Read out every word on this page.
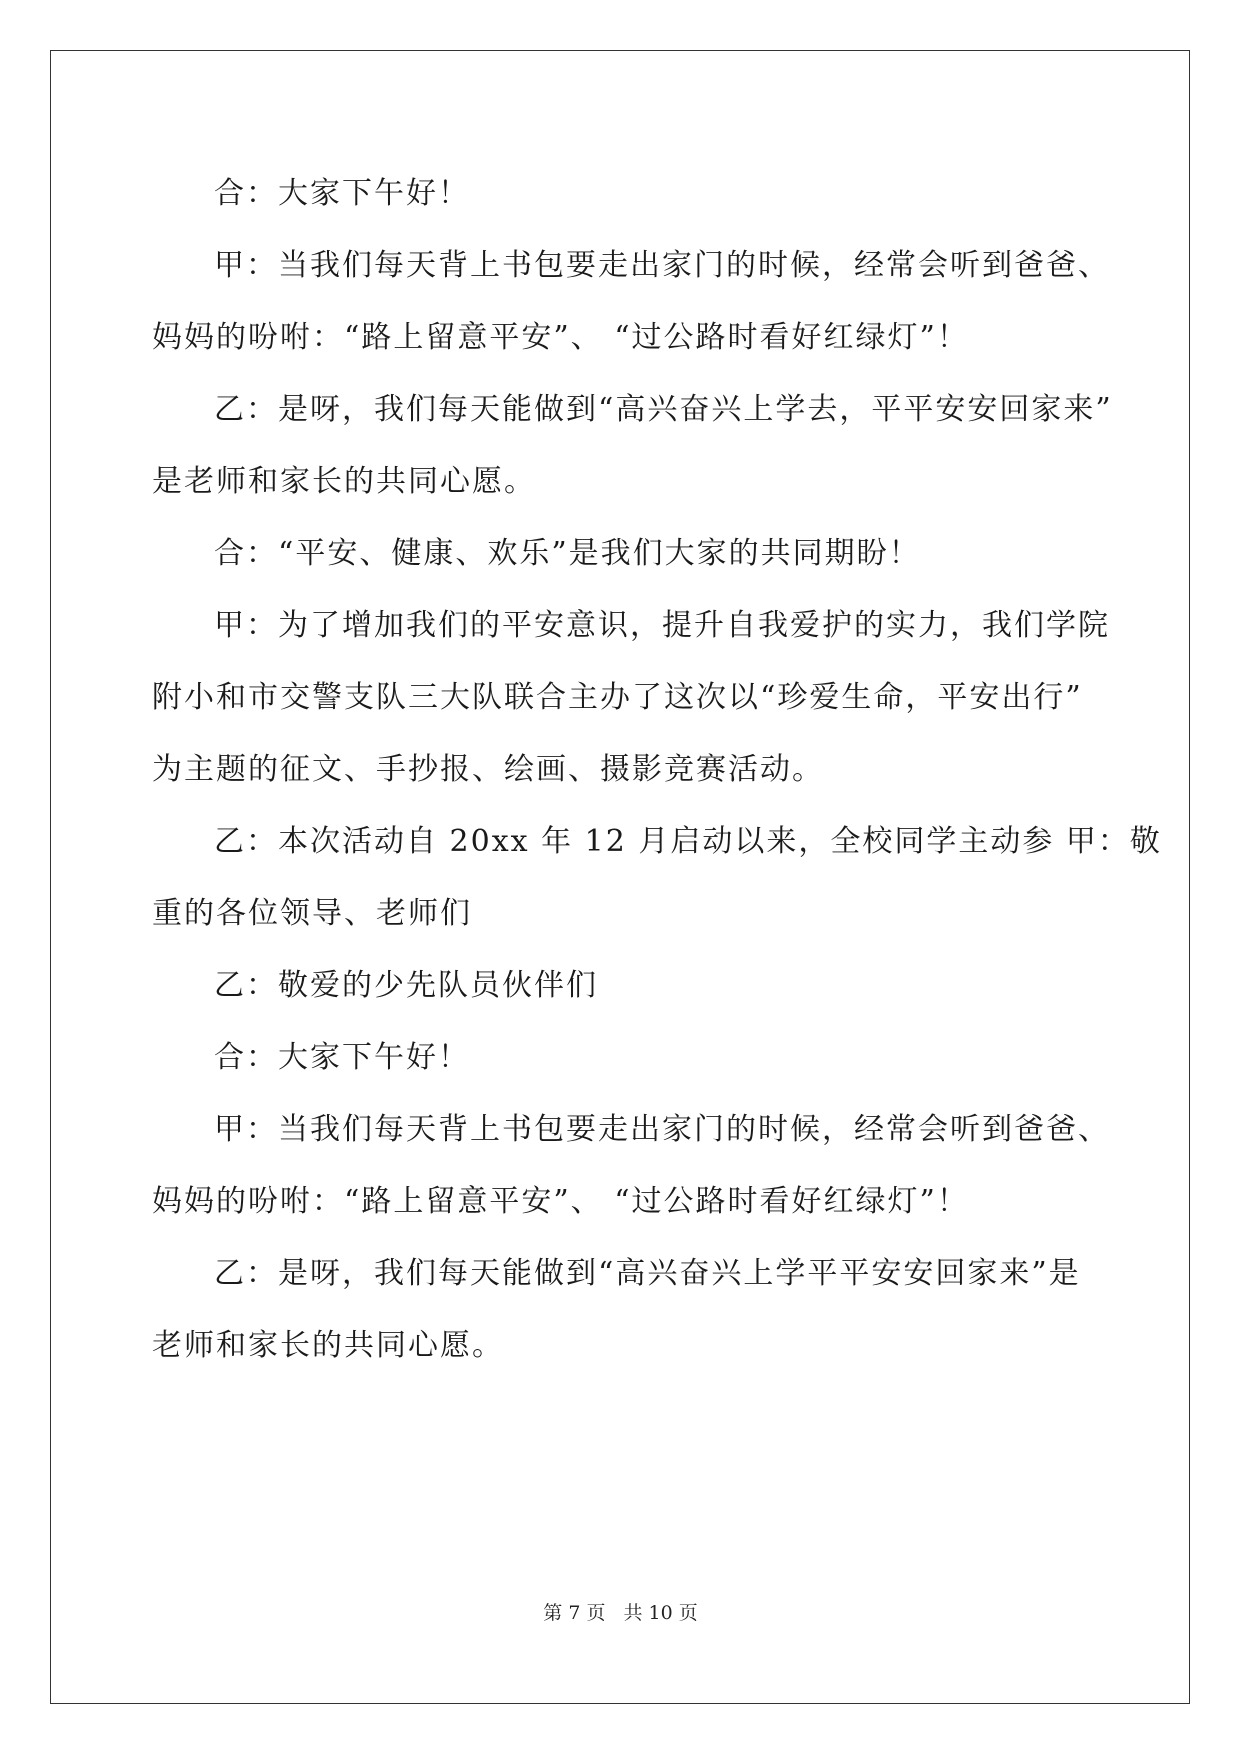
合：大家下午好！
甲：当我们每天背上书包要走出家门的时候，经常会听到爸爸、
妈妈的吩咐：“路上留意平安”、 “过公路时看好红绿灯”！
乙：是呀，我们每天能做到“高兴奋兴上学去，平平安安回家来”
是老师和家长的共同心愿。
合：“平安、健康、欢乐”是我们大家的共同期盼！
甲：为了增加我们的平安意识，提升自我爱护的实力，我们学院
附小和市交警支队三大队联合主办了这次以“珍爱生命，平安出行”
为主题的征文、手抄报、绘画、摄影竞赛活动。
乙：本次活动自 20xx 年 12 月启动以来，全校同学主动参 甲：敬
重的各位领导、老师们
乙：敬爱的少先队员伙伴们
合：大家下午好！
甲：当我们每天背上书包要走出家门的时候，经常会听到爸爸、
妈妈的吩咐：“路上留意平安”、 “过公路时看好红绿灯”！
乙：是呀，我们每天能做到“高兴奋兴上学平平安安回家来”是
老师和家长的共同心愿。
第 7 页 共 10 页
